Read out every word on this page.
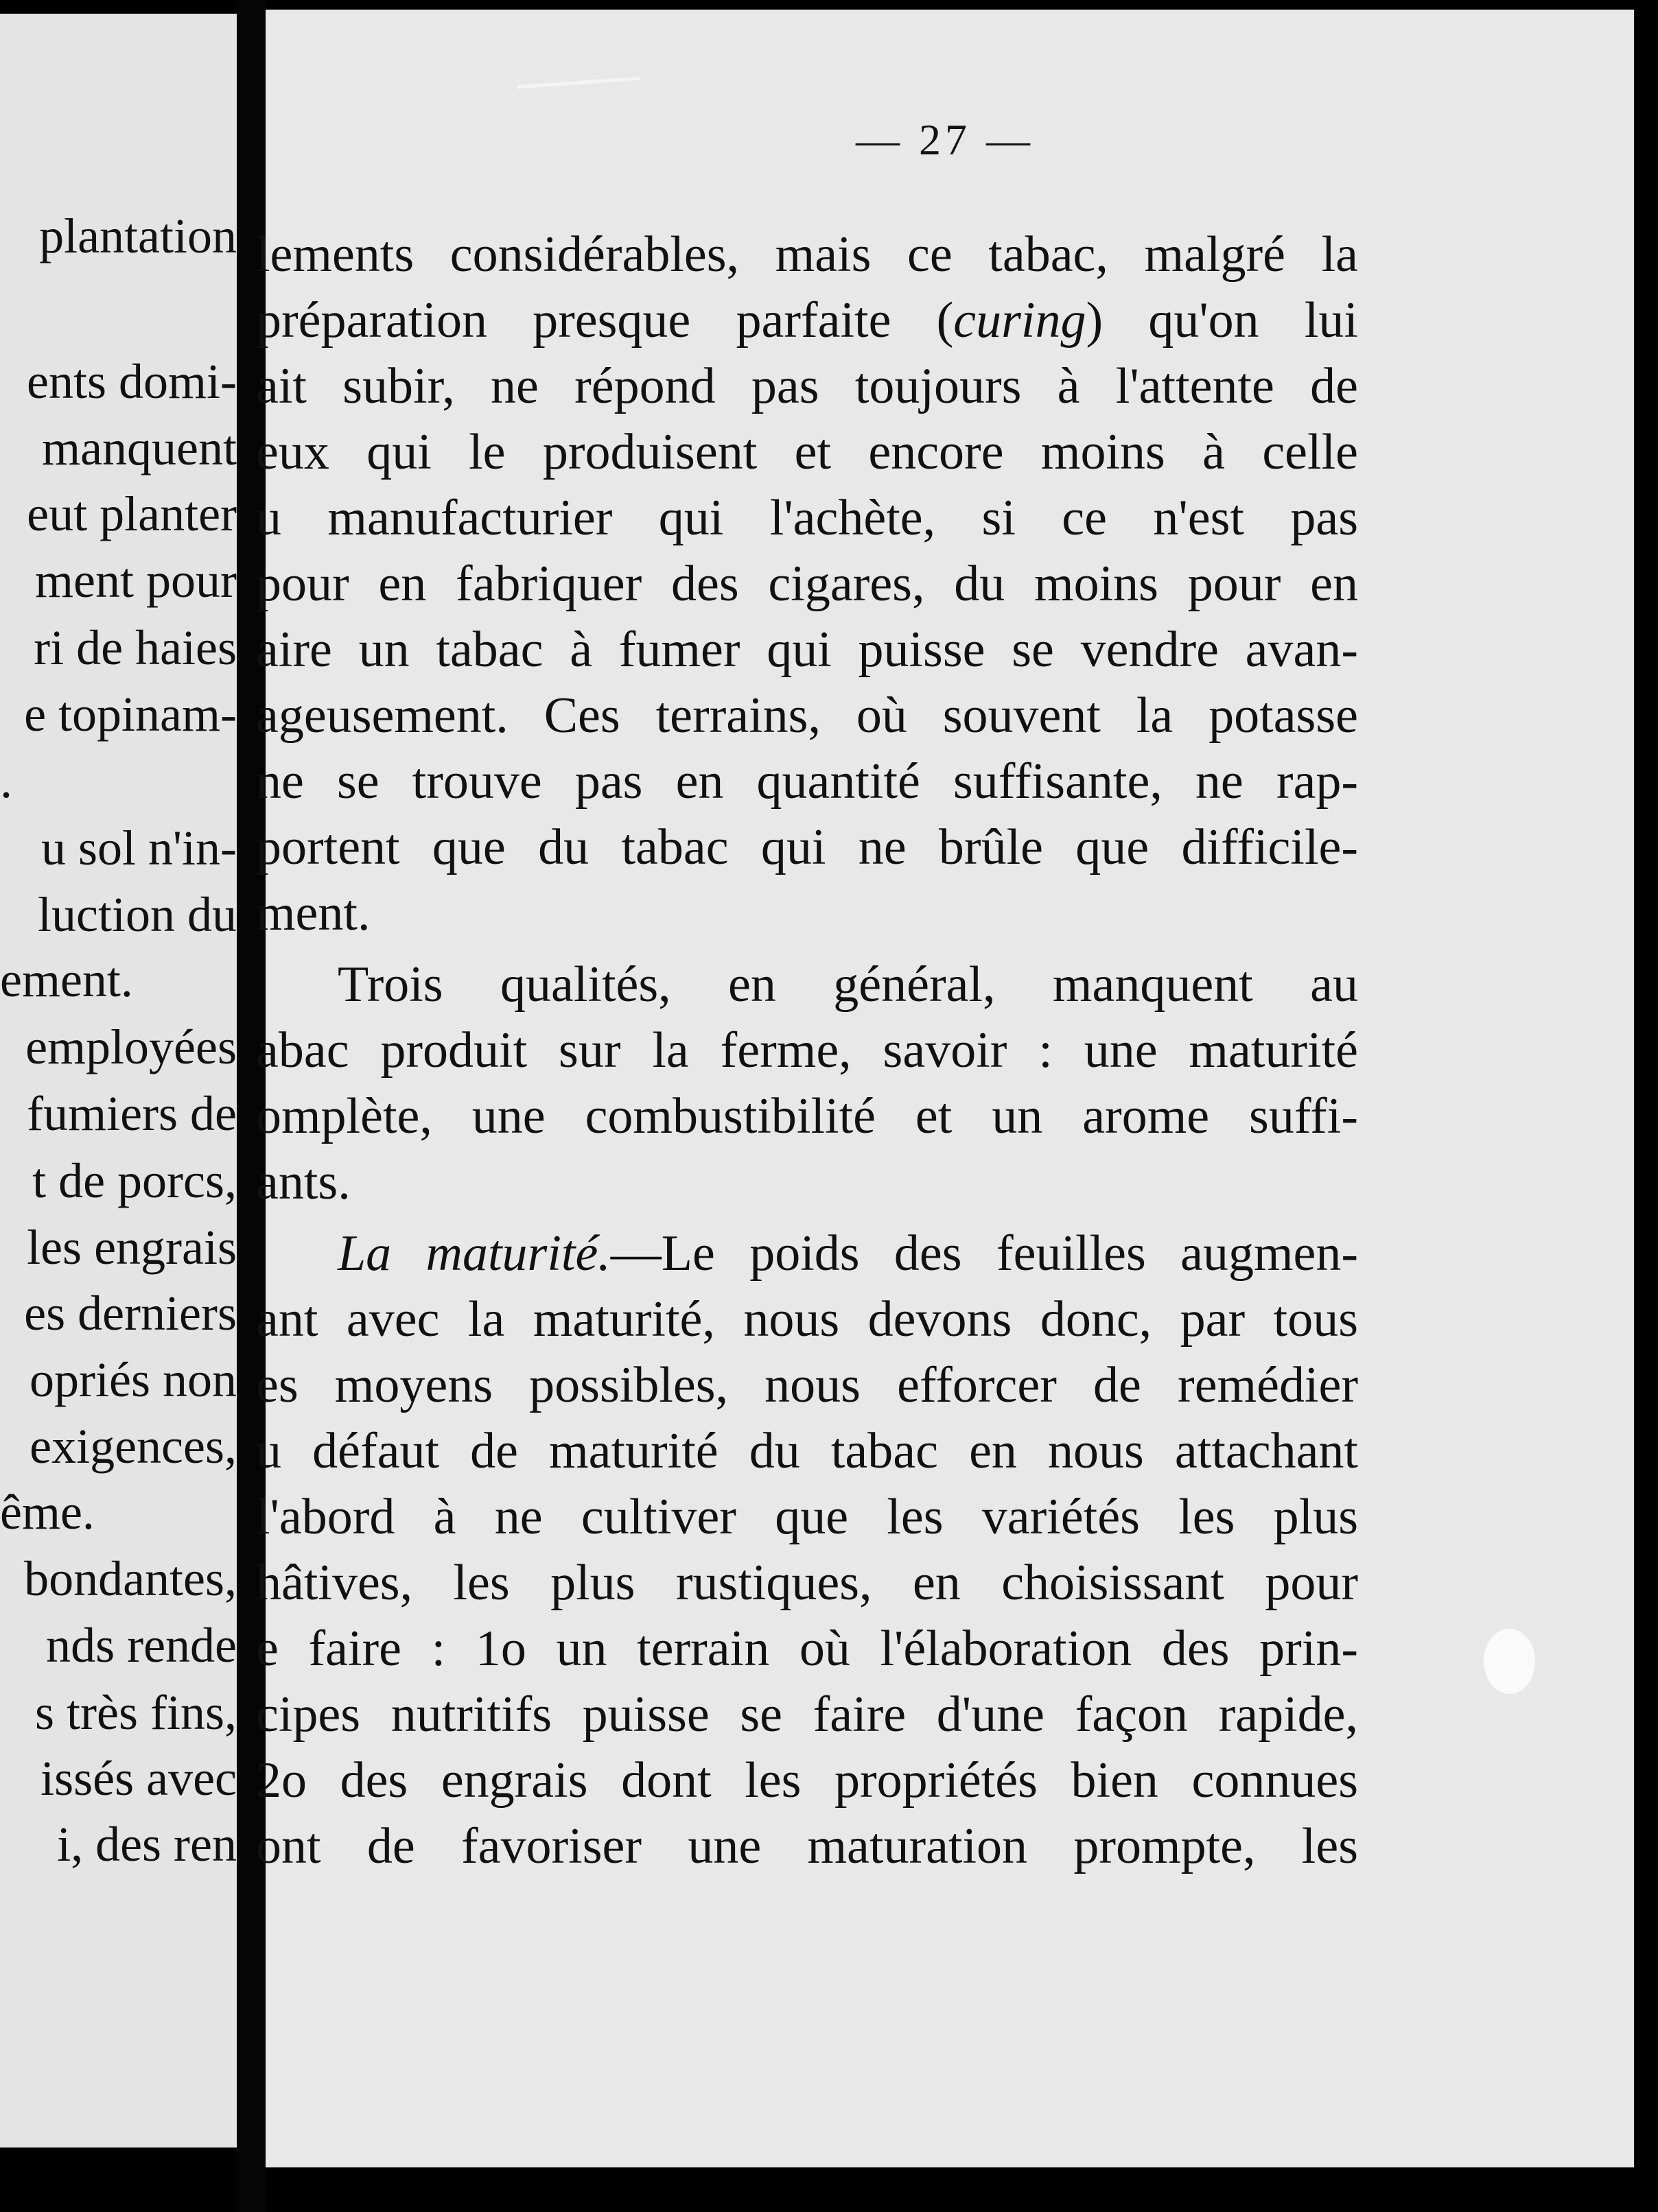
plantation
ents domi-
manquent
eut planter
ment pour
ri de haies
e topinam-
.
u sol n'in-
luction du
ement.
employées
fumiers de
t de porcs,
les engrais
es derniers
opriés non
exigences,
ême.
bondantes,
nds rende
s très fins,
issés avec
i, des ren
— 27 —
lements considérables, mais ce tabac, malgré la
préparation presque parfaite (curing) qu'on lui
ait subir, ne répond pas toujours à l'attente de
eux qui le produisent et encore moins à celle
u manufacturier qui l'achète, si ce n'est pas
pour en fabriquer des cigares, du moins pour en
aire un tabac à fumer qui puisse se vendre avan-
ageusement. Ces terrains, où souvent la potasse
ne se trouve pas en quantité suffisante, ne rap-
portent que du tabac qui ne brûle que difficile-
ment.
Trois qualités, en général, manquent au
abac produit sur la ferme, savoir : une maturité
omplète, une combustibilité et un arome suffi-
ants.
La maturité.—Le poids des feuilles augmen-
ant avec la maturité, nous devons donc, par tous
es moyens possibles, nous efforcer de remédier
u défaut de maturité du tabac en nous attachant
l'abord à ne cultiver que les variétés les plus
hâtives, les plus rustiques, en choisissant pour
e faire : 1o un terrain où l'élaboration des prin-
cipes nutritifs puisse se faire d'une façon rapide,
2o des engrais dont les propriétés bien connues
ont de favoriser une maturation prompte, les
